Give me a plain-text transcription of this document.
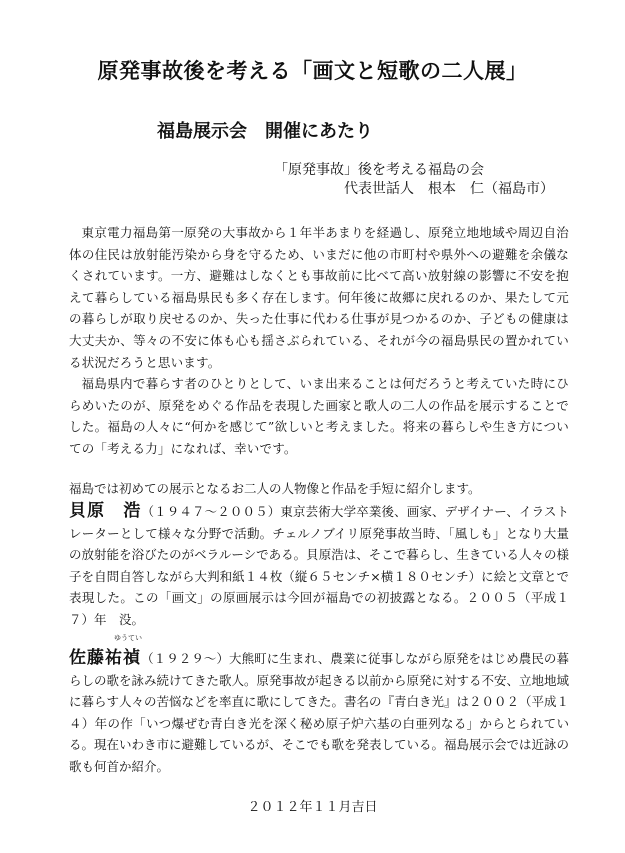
原発事故後を考える「画文と短歌の二人展」
福島展示会　開催にあたり
「原発事故」後を考える福島の会
代表世話人　根本　仁（福島市）

東京電力福島第一原発の大事故から１年半あまりを経過し、原発立地地域や周辺自治体の住民は放射能汚染から身を守るため、いまだに他の市町村や県外への避難を余儀なくされています。一方、避難はしなくとも事故前に比べて高い放射線の影響に不安を抱えて暮らしている福島県民も多く存在します。何年後に故郷に戻れるのか、果たして元の暮らしが取り戻せるのか、失った仕事に代わる仕事が見つかるのか、子どもの健康は大丈夫か、等々の不安に体も心も揺さぶられている、それが今の福島県民の置かれている状況だろうと思います。

福島県内で暮らす者のひとりとして、いま出来ることは何だろうと考えていた時にひらめいたのが、原発をめぐる作品を表現した画家と歌人の二人の作品を展示することでした。福島の人々に“何かを感じて”欲しいと考えました。将来の暮らしや生き方についての「考える力」になれば、幸いです。

福島では初めての展示となるお二人の人物像と作品を手短に紹介します。
貝原　浩（１９４７～２００５）東京芸術大学卒業後、画家、デザイナー、イラストレーターとして様々な分野で活動。チェルノブイリ原発事故当時、「風しも」となり大量の放射能を浴びたのがベラルーシである。貝原浩は、そこで暮らし、生きている人々の様子を自問自答しながら大判和紙１４枚（縦６５センチ×横１８０センチ）に絵と文章とで表現した。この「画文」の原画展示は今回が福島での初披露となる。２００５（平成１７）年　没。
ゆうてい
佐藤祐禎（１９２９～）大熊町に生まれ、農業に従事しながら原発をはじめ農民の暮らしの歌を詠み続けてきた歌人。原発事故が起きる以前から原発に対する不安、立地地域に暮らす人々の苦悩などを率直に歌にしてきた。書名の『青白き光』は２００２（平成１４）年の作「いつ爆ぜむ青白き光を深く秘め原子炉六基の白亜列なる」からとられている。現在いわき市に避難しているが、そこでも歌を発表している。福島展示会では近詠の歌も何首か紹介。
２０１２年１１月吉日
